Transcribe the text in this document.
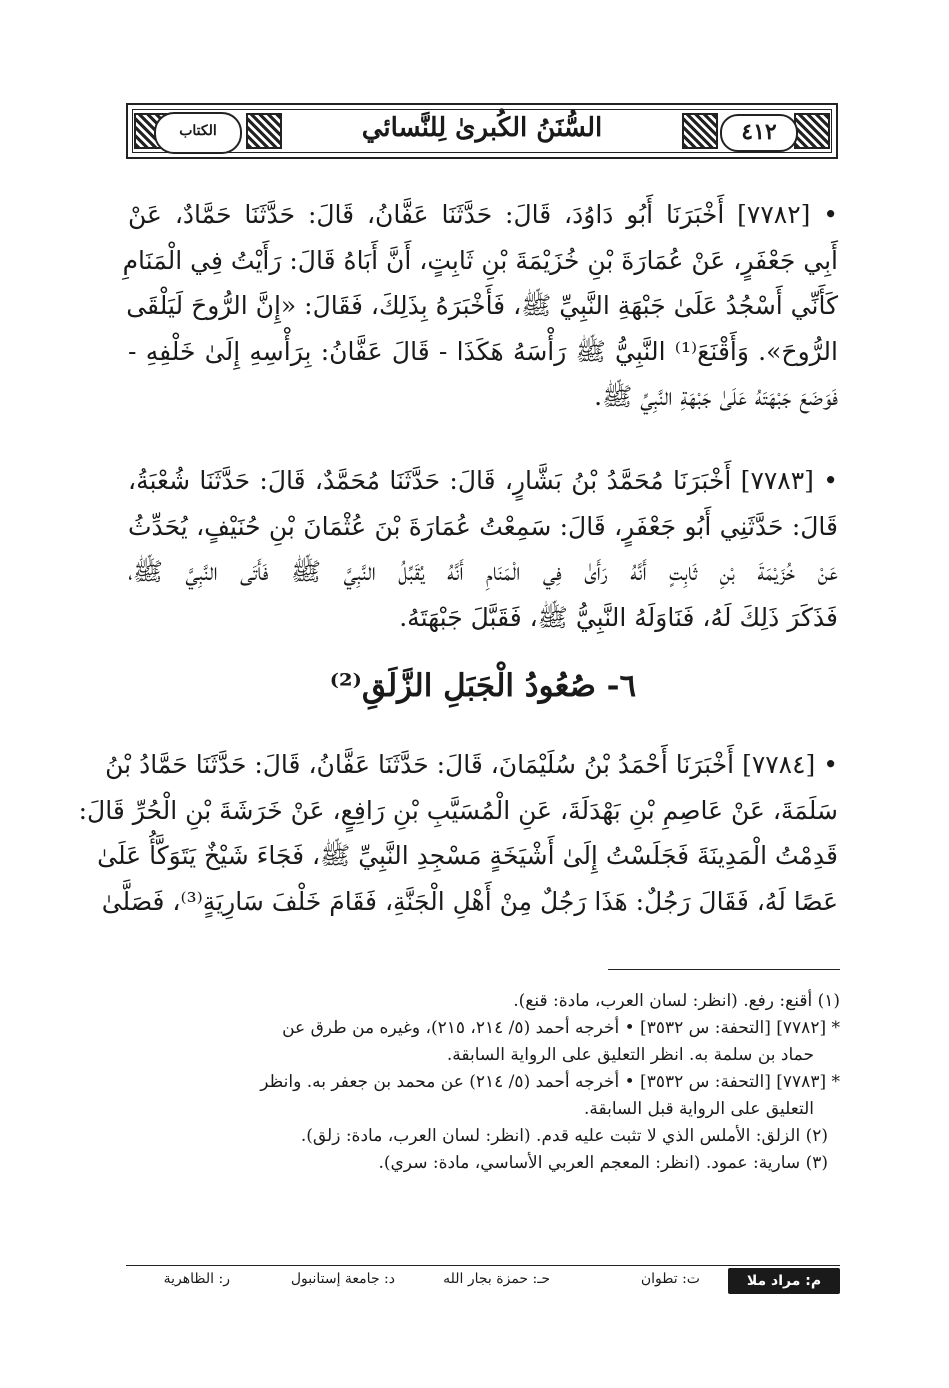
٤١٢
السُّنَنُ الكُبرىٰ لِلنَّسائي
الكتاب
• [٧٧٨٢] أَخْبَرَنَا أَبُو دَاوُدَ، قَالَ: حَدَّثَنَا عَفَّانُ، قَالَ: حَدَّثَنَا حَمَّادٌ، عَنْ
أَبِي جَعْفَرٍ، عَنْ عُمَارَةَ بْنِ خُزَيْمَةَ بْنِ ثَابِتٍ، أَنَّ أَبَاهُ قَالَ: رَأَيْتُ فِي الْمَنَامِ
كَأَنِّي أَسْجُدُ عَلَىٰ جَبْهَةِ النَّبِيِّ ﷺ، فَأَخْبَرَهُ بِذَلِكَ، فَقَالَ: «إِنَّ الرُّوحَ لَيَلْقَى
الرُّوحَ». وَأَقْنَعَ⁽¹⁾ النَّبِيُّ ﷺ رَأْسَهُ هَكَذَا - قَالَ عَفَّانُ: بِرَأْسِهِ إِلَىٰ خَلْفِهِ -
فَوَضَعَ جَبْهَتَهُ عَلَىٰ جَبْهَةِ النَّبِيِّ ﷺ.
• [٧٧٨٣] أَخْبَرَنَا مُحَمَّدُ بْنُ بَشَّارٍ، قَالَ: حَدَّثَنَا مُحَمَّدٌ، قَالَ: حَدَّثَنَا شُعْبَةُ،
قَالَ: حَدَّثَنِي أَبُو جَعْفَرٍ، قَالَ: سَمِعْتُ عُمَارَةَ بْنَ عُثْمَانَ بْنِ حُنَيْفٍ، يُحَدِّثُ
عَنْ خُزَيْمَةَ بْنِ ثَابِتٍ أَنَّهُ رَأَىٰ فِي الْمَنَامِ أَنَّهُ يُقَبِّلُ النَّبِيَّ ﷺ فَأَتَى النَّبِيَّ ﷺ،
فَذَكَرَ ذَلِكَ لَهُ، فَنَاوَلَهُ النَّبِيُّ ﷺ، فَقَبَّلَ جَبْهَتَهُ.
٦- صُعُودُ الْجَبَلِ الزَّلَقِ⁽²⁾
• [٧٧٨٤] أَخْبَرَنَا أَحْمَدُ بْنُ سُلَيْمَانَ، قَالَ: حَدَّثَنَا عَفَّانُ، قَالَ: حَدَّثَنَا حَمَّادُ بْنُ
سَلَمَةَ، عَنْ عَاصِمِ بْنِ بَهْدَلَةَ، عَنِ الْمُسَيَّبِ بْنِ رَافِعٍ، عَنْ خَرَشَةَ بْنِ الْحُرِّ قَالَ:
قَدِمْتُ الْمَدِينَةَ فَجَلَسْتُ إِلَىٰ أَشْيَخَةٍ مَسْجِدِ النَّبِيِّ ﷺ، فَجَاءَ شَيْخٌ يَتَوَكَّأُ عَلَىٰ
عَصًا لَهُ، فَقَالَ رَجُلٌ: هَذَا رَجُلٌ مِنْ أَهْلِ الْجَنَّةِ، فَقَامَ خَلْفَ سَارِيَةٍ⁽³⁾، فَصَلَّىٰ
(١) أقنع: رفع. (انظر: لسان العرب، مادة: قنع).
* [٧٧٨٢] [التحفة: س ٣٥٣٢] • أخرجه أحمد (٥/ ٢١٤، ٢١٥)، وغيره من طرق عن
حماد بن سلمة به. انظر التعليق على الرواية السابقة.
* [٧٧٨٣] [التحفة: س ٣٥٣٢] • أخرجه أحمد (٥/ ٢١٤) عن محمد بن جعفر به. وانظر
التعليق على الرواية قبل السابقة.
(٢) الزلق: الأملس الذي لا تثبت عليه قدم. (انظر: لسان العرب، مادة: زلق).
(٣) سارية: عمود. (انظر: المعجم العربي الأساسي، مادة: سري).
م: مراد ملا
ت: تطوان
حـ: حمزة بجار الله
د: جامعة إستانبول
ر: الظاهرية
